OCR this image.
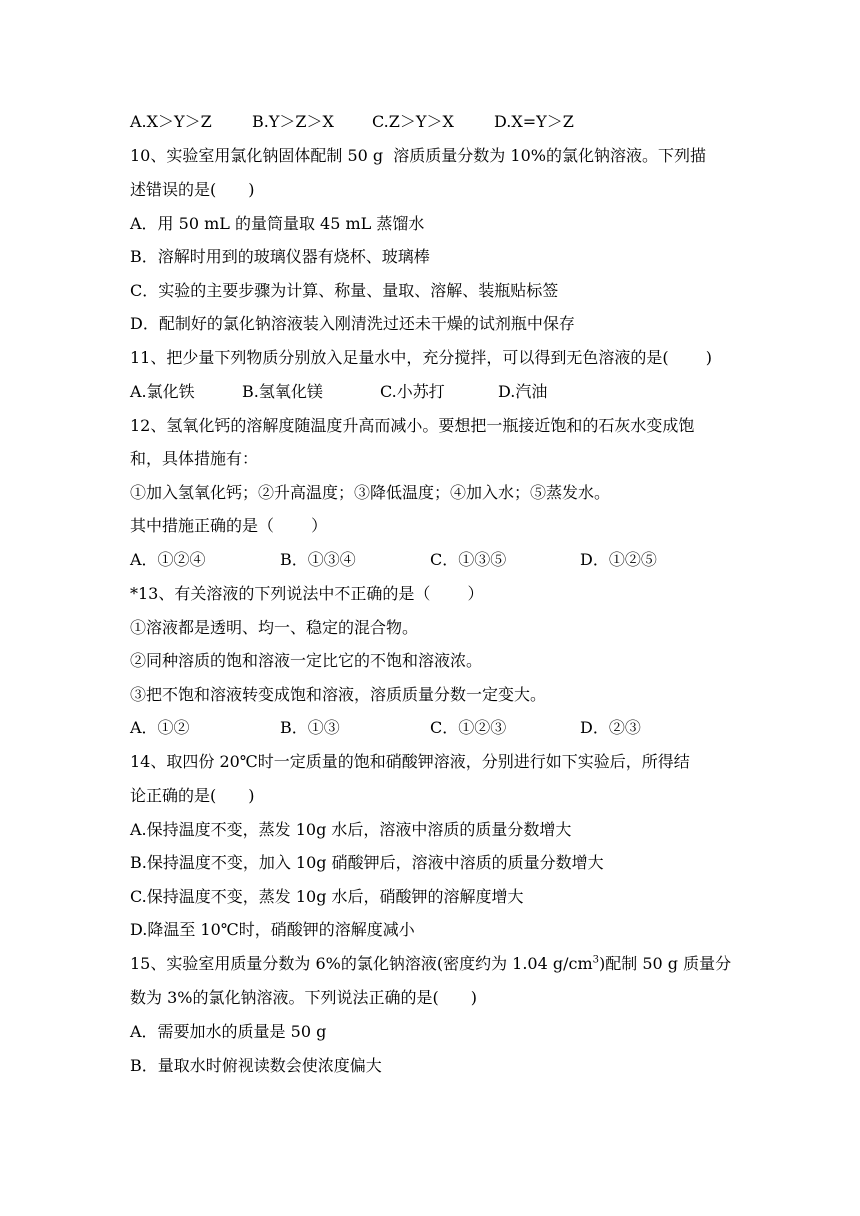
A.X＞Y＞Z	B.Y＞Z＞X C.Z＞Y＞X	D.X=Y＞Z
10、实验室用氯化钠固体配制 50 g  溶质质量分数为 10%的氯化钠溶液。下列描
述错误的是(　　)
A．用 50 mL 的量筒量取 45 mL 蒸馏水
B．溶解时用到的玻璃仪器有烧杯、玻璃棒
C．实验的主要步骤为计算、称量、量取、溶解、装瓶贴标签
D．配制好的氯化钠溶液装入刚清洗过还未干燥的试剂瓶中保存
11、把少量下列物质分别放入足量水中，充分搅拌，可以得到无色溶液的是(　　 )
A.氯化铁	B.氢氧化镁	C.小苏打	D.汽油
12、氢氧化钙的溶解度随温度升高而减小。要想把一瓶接近饱和的石灰水变成饱
和，具体措施有：
①加入氢氧化钙；②升高温度；③降低温度；④加入水；⑤蒸发水。
其中措施正确的是（　　 ）
A．①②④	B．①③④	C．①③⑤	D．①②⑤
*13、有关溶液的下列说法中不正确的是（　　 ）
①溶液都是透明、均一、稳定的混合物。
②同种溶质的饱和溶液一定比它的不饱和溶液浓。
③把不饱和溶液转变成饱和溶液，溶质质量分数一定变大。
A．①②	B．①③	C．①②③	D．②③
14、取四份 20℃时一定质量的饱和硝酸钾溶液，分别进行如下实验后，所得结
论正确的是(　　)
A.保持温度不变，蒸发 10g 水后，溶液中溶质的质量分数增大
B.保持温度不变，加入 10g 硝酸钾后，溶液中溶质的质量分数增大
C.保持温度不变，蒸发 10g 水后，硝酸钾的溶解度增大
D.降温至 10℃时，硝酸钾的溶解度减小
15、实验室用质量分数为 6%的氯化钠溶液(密度约为 1.04 $g/cm^3$)配制 50 g 质量分
数为 3%的氯化钠溶液。下列说法正确的是(　　)
A．需要加水的质量是 50 g
B．量取水时俯视读数会使浓度偏大
